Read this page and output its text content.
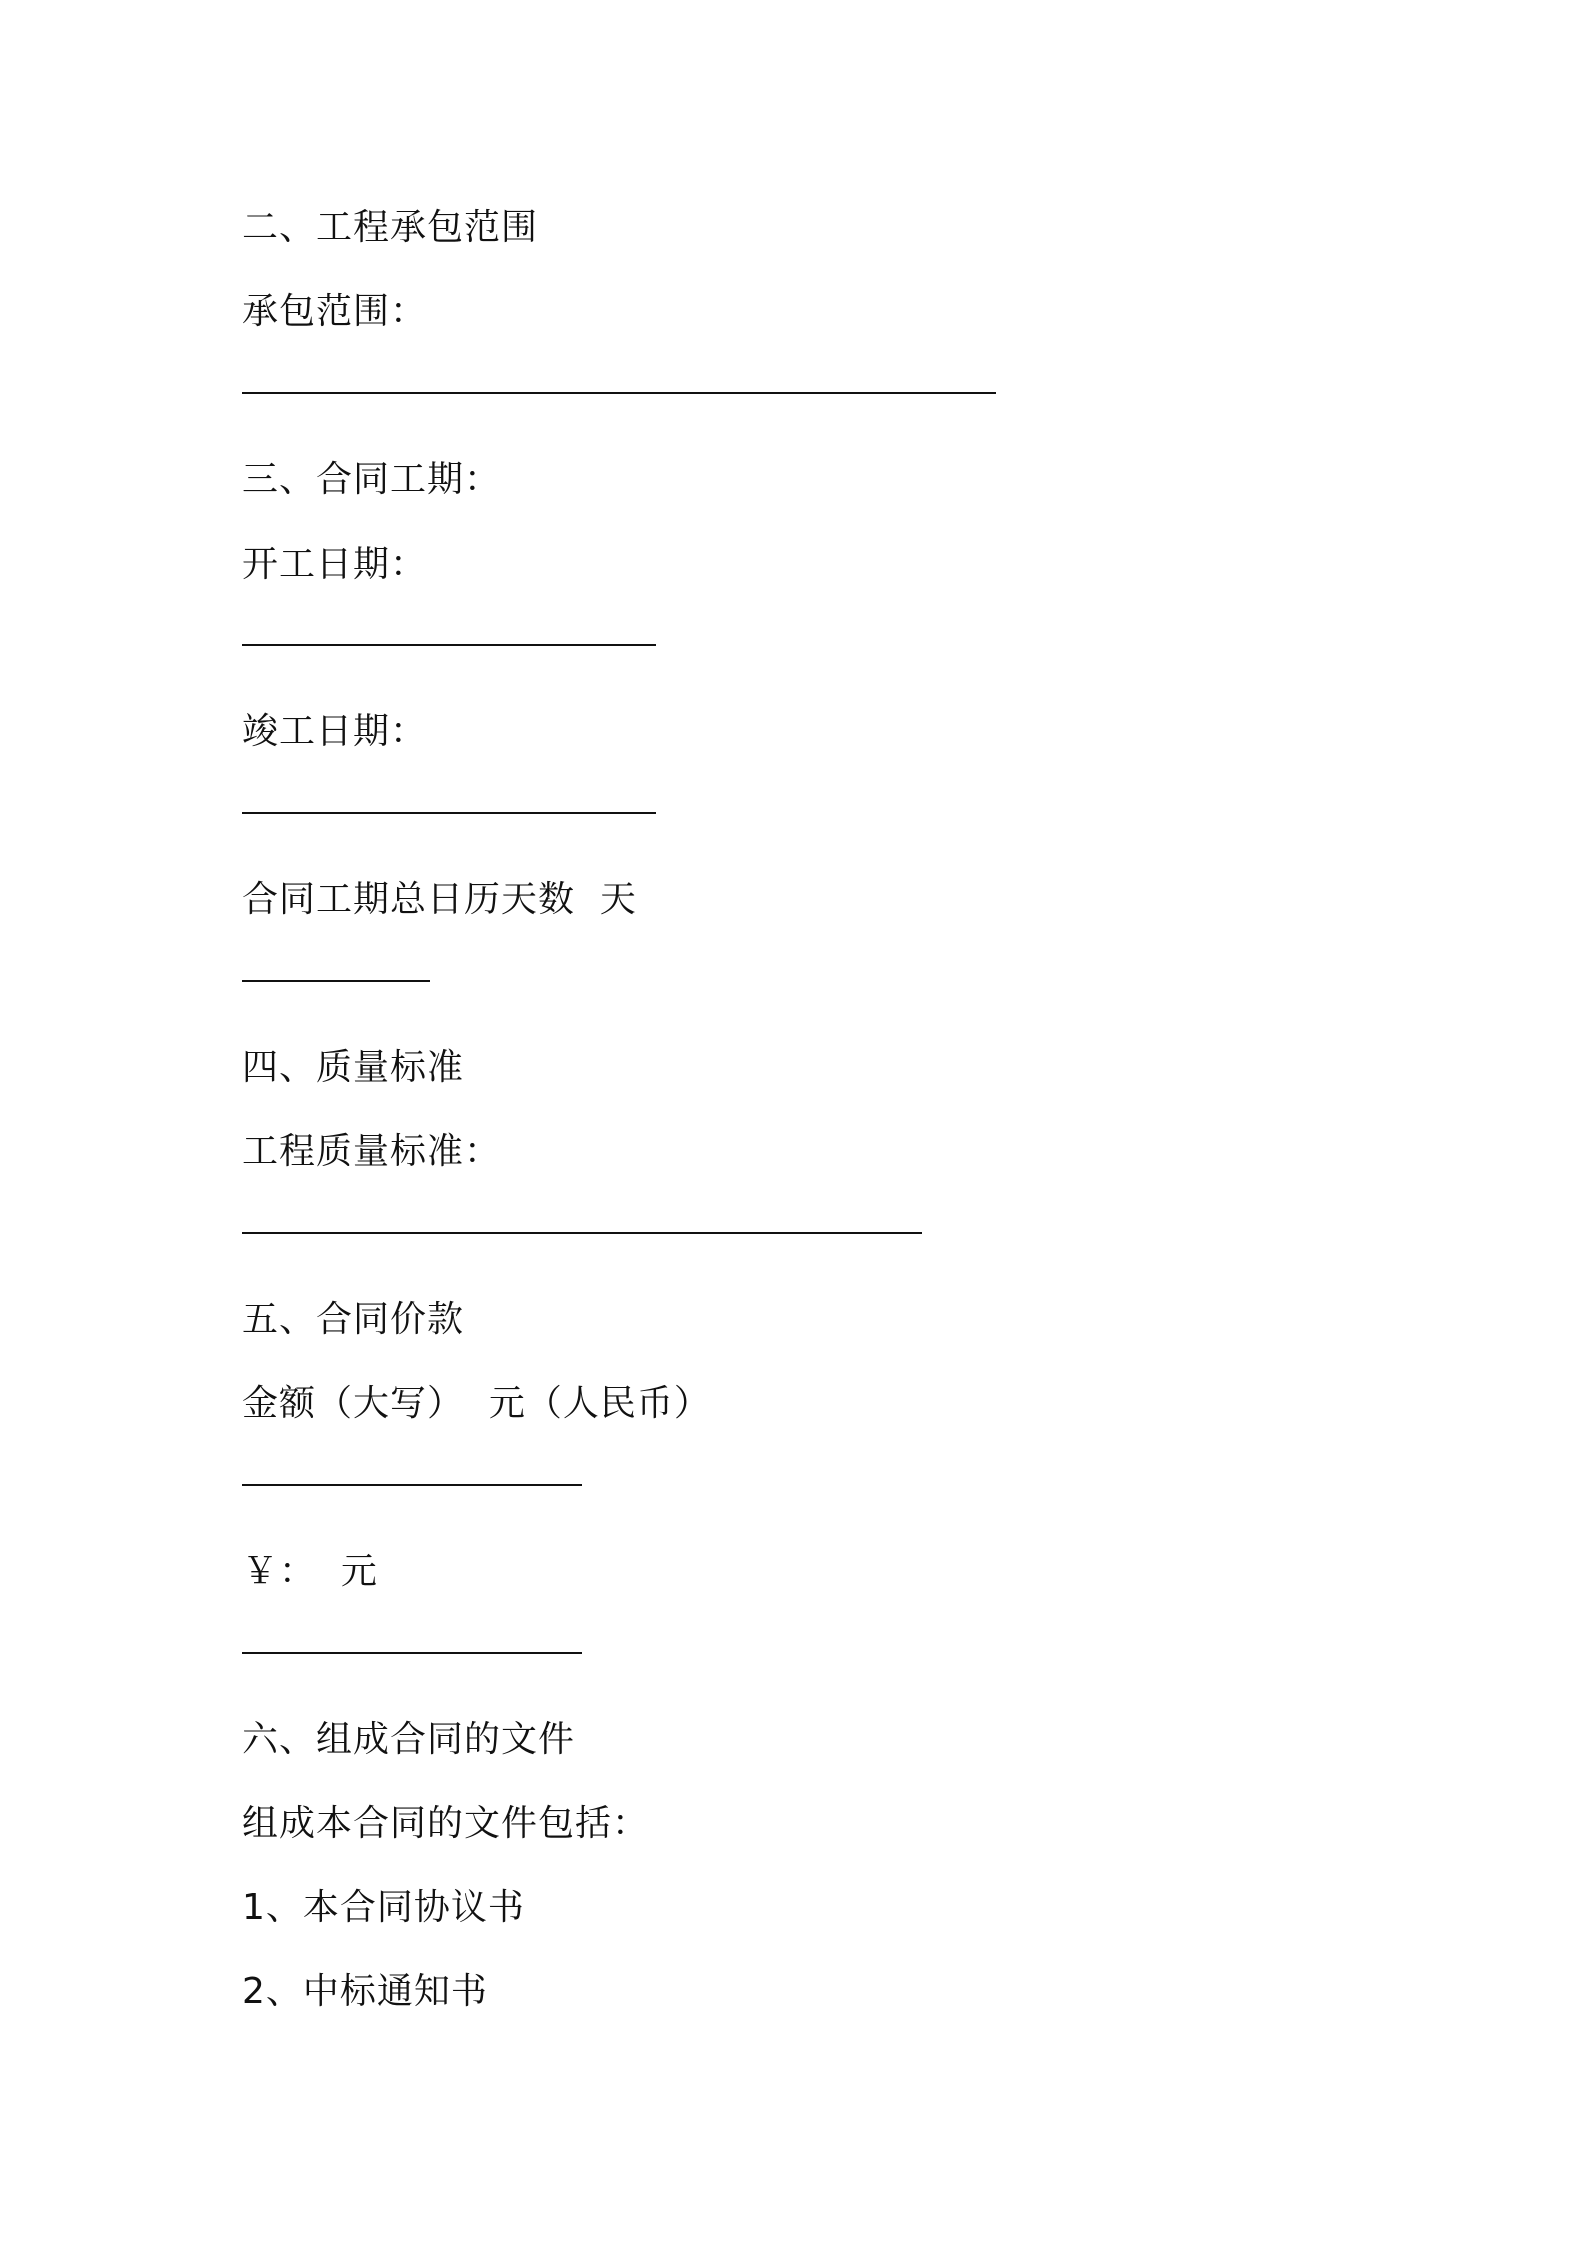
二、工程承包范围
承包范围：
三、合同工期：
开工日期：
竣工日期：
合同工期总日历天数  天
四、质量标准
工程质量标准：
五、合同价款
金额（大写）  元（人民币）
￥：  元
六、组成合同的文件
组成本合同的文件包括：
1、本合同协议书
2、中标通知书
